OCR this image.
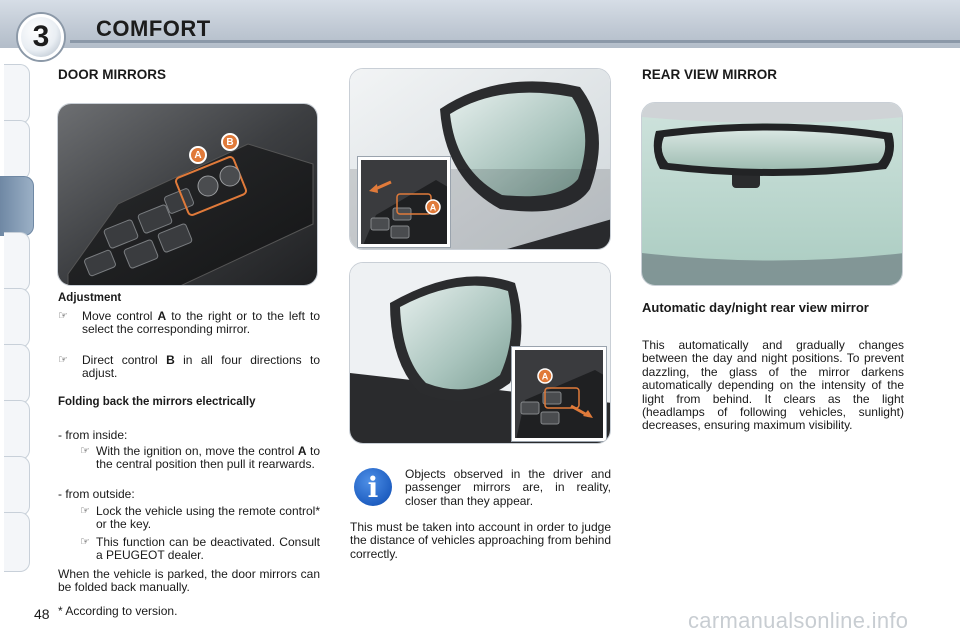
3 COMFORT
DOOR MIRRORS
A
B
Adjustment
☞ Move control A to the right or to the left to select the corresponding mirror.
☞ Direct control B in all four directions to adjust.
Folding back the mirrors electrically
- from inside:
☞ With the ignition on, move the control A to the central position then pull it rearwards.
- from outside:
☞ Lock the vehicle using the remote control* or the key.
☞ This function can be deactivated. Consult a PEUGEOT dealer.
When the vehicle is parked, the door mirrors can be folded back manually.
A
A
i	Objects observed in the driver and passenger mirrors are, in reality, closer than they appear.
This must be taken into account in order to judge the distance of vehicles approaching from behind correctly.
REAR VIEW MIRROR
Automatic day/night rear view mirror
This automatically and gradually changes between the day and night positions. To prevent dazzling, the glass of the mirror darkens automatically depending on the intensity of the light from behind. It clears as the light (headlamps of following vehicles, sunlight) decreases, ensuring maximum visibility.
48 * According to version.	carmanualsonline.info
